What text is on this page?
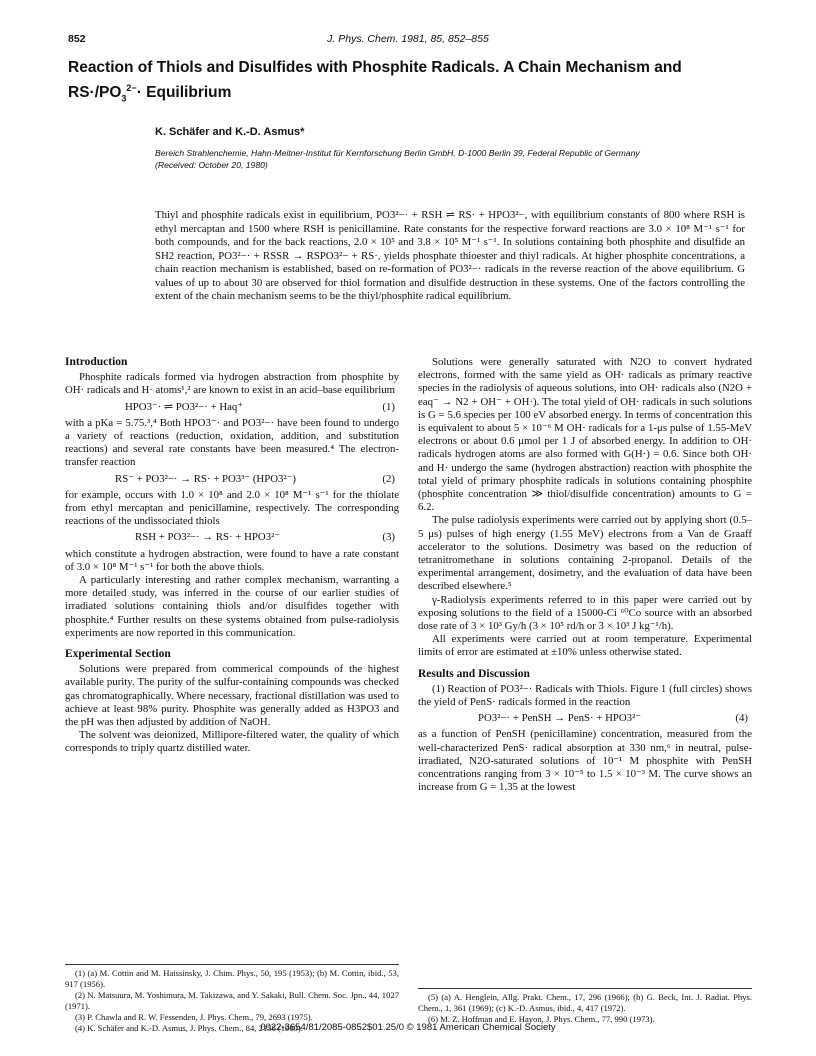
852	J. Phys. Chem. 1981, 85, 852–855
Reaction of Thiols and Disulfides with Phosphite Radicals. A Chain Mechanism and $RS\cdot/PO_3^{2-}\cdot$ Equilibrium
K. Schäfer and K.-D. Asmus*
Bereich Strahlenchemie, Hahn-Meitner-Institut für Kernforschung Berlin GmbH, D-1000 Berlin 39, Federal Republic of Germany
(Received: October 20, 1980)

Thiyl and phosphite radicals exist in equilibrium, PO3²−· + RSH ⇌ RS· + HPO3²−, with equilibrium constants of 800 where RSH is ethyl mercaptan and 1500 where RSH is penicillamine. Rate constants for the respective forward reactions are 3.0 × 10⁸ M⁻¹ s⁻¹ for both compounds, and for the back reactions, 2.0 × 10⁵ and 3.8 × 10⁵ M⁻¹ s⁻¹. In solutions containing both phosphite and disulfide an SH2 reaction, PO3²−· + RSSR → RSPO3²− + RS·, yields phosphate thioester and thiyl radicals. At higher phosphite concentrations, a chain reaction mechanism is established, based on re-formation of PO3²−· radicals in the reverse reaction of the above equilibrium. G values of up to about 30 are observed for thiol formation and disulfide destruction in these systems. One of the factors controlling the extent of the chain mechanism seems to be the thiyl/phosphite radical equilibrium.

Introduction

Phosphite radicals formed via hydrogen abstraction from phosphite by OH· radicals and H· atoms¹,² are known to exist in an acid–base equilibrium

HPO3⁻· ⇌ PO3²−· + Haq⁺	(1)

with a pKa = 5.75.³,⁴ Both HPO3⁻· and PO3²−· have been found to undergo a variety of reactions (reduction, oxidation, addition, and substitution reactions) and several rate constants have been measured.⁴ The electron-transfer reaction

RS⁻ + PO3²−· → RS· + PO3³⁻ (HPO3²⁻)	(2)

for example, occurs with 1.0 × 10⁸ and 2.0 × 10⁸ M⁻¹ s⁻¹ for the thiolate from ethyl mercaptan and penicillamine, respectively. The corresponding reactions of the undissociated thiols

RSH + PO3²−· → RS· + HPO3²⁻	(3)

which constitute a hydrogen abstraction, were found to have a rate constant of 3.0 × 10⁸ M⁻¹ s⁻¹ for both the above thiols.

A particularly interesting and rather complex mechanism, warranting a more detailed study, was inferred in the course of our earlier studies of irradiated solutions containing thiols and/or disulfides together with phosphite.⁴ Further results on these systems obtained from pulse-radiolysis experiments are now reported in this communication.

Experimental Section

Solutions were prepared from commerical compounds of the highest available purity. The purity of the sulfur-containing compounds was checked gas chromatographically. Where necessary, fractional distillation was used to achieve at least 98% purity. Phosphite was generally added as H3PO3 and the pH was then adjusted by addition of NaOH.

The solvent was deionized, Millipore-filtered water, the quality of which corresponds to triply quartz distilled water.

(1) (a) M. Cottin and M. Haissinsky, J. Chim. Phys., 50, 195 (1953); (b) M. Cottin, ibid., 53, 917 (1956).

(2) N. Matsuura, M. Yoshimura, M. Takizawa, and Y. Sakaki, Bull. Chem. Soc. Jpn., 44, 1027 (1971).

(3) P. Chawla and R. W. Fessenden, J. Phys. Chem., 79, 2693 (1975).

(4) K. Schäfer and K.-D. Asmus, J. Phys. Chem., 84, 2156 (1980).

Solutions were generally saturated with N2O to convert hydrated electrons, formed with the same yield as OH· radicals as primary reactive species in the radiolysis of aqueous solutions, into OH· radicals also (N2O + eaq⁻ → N2 + OH⁻ + OH·). The total yield of OH· radicals in such solutions is G = 5.6 species per 100 eV absorbed energy. In terms of concentration this is equivalent to about 5 × 10⁻⁶ M OH· radicals for a 1-μs pulse of 1.55-MeV electrons or about 0.6 μmol per 1 J of absorbed energy. In addition to OH· radicals hydrogen atoms are also formed with G(H·) = 0.6. Since both OH· and H· undergo the same (hydrogen abstraction) reaction with phosphite the total yield of primary phosphite radicals in solutions containing phosphite (phosphite concentration ≫ thiol/disulfide concentration) amounts to G = 6.2.

The pulse radiolysis experiments were carried out by applying short (0.5–5 μs) pulses of high energy (1.55 MeV) electrons from a Van de Graaff accelerator to the solutions. Dosimetry was based on the reduction of tetranitromethane in solutions containing 2-propanol. Details of the experimental arrangement, dosimetry, and the evaluation of data have been described elsewhere.⁵

γ-Radiolysis experiments referred to in this paper were carried out by exposing solutions to the field of a 15000-Ci ⁶⁰Co source with an absorbed dose rate of 3 × 10³ Gy/h (3 × 10⁵ rd/h or 3 × 10³ J kg⁻¹/h).

All experiments were carried out at room temperature. Experimental limits of error are estimated at ±10% unless otherwise stated.

Results and Discussion

(1) Reaction of PO3²−· Radicals with Thiols. Figure 1 (full circles) shows the yield of PenS· radicals formed in the reaction

PO3²−· + PenSH → PenS· + HPO3²⁻	(4)

as a function of PenSH (penicillamine) concentration, measured from the well-characterized PenS· radical absorption at 330 nm,⁶ in neutral, pulse-irradiated, N2O-saturated solutions of 10⁻¹ M phosphite with PenSH concentrations ranging from 3 × 10⁻⁵ to 1.5 × 10⁻³ M. The curve shows an increase from G = 1.35 at the lowest

(5) (a) A. Henglein, Allg. Prakt. Chem., 17, 296 (1966); (b) G. Beck, Int. J. Radiat. Phys. Chem., 1, 361 (1969); (c) K.-D. Asmus, ibid., 4, 417 (1972).

(6) M. Z. Hoffman and E. Hayon, J. Phys. Chem., 77, 990 (1973).

0022-3654/81/2085-0852$01.25/0 © 1981 American Chemical Society
